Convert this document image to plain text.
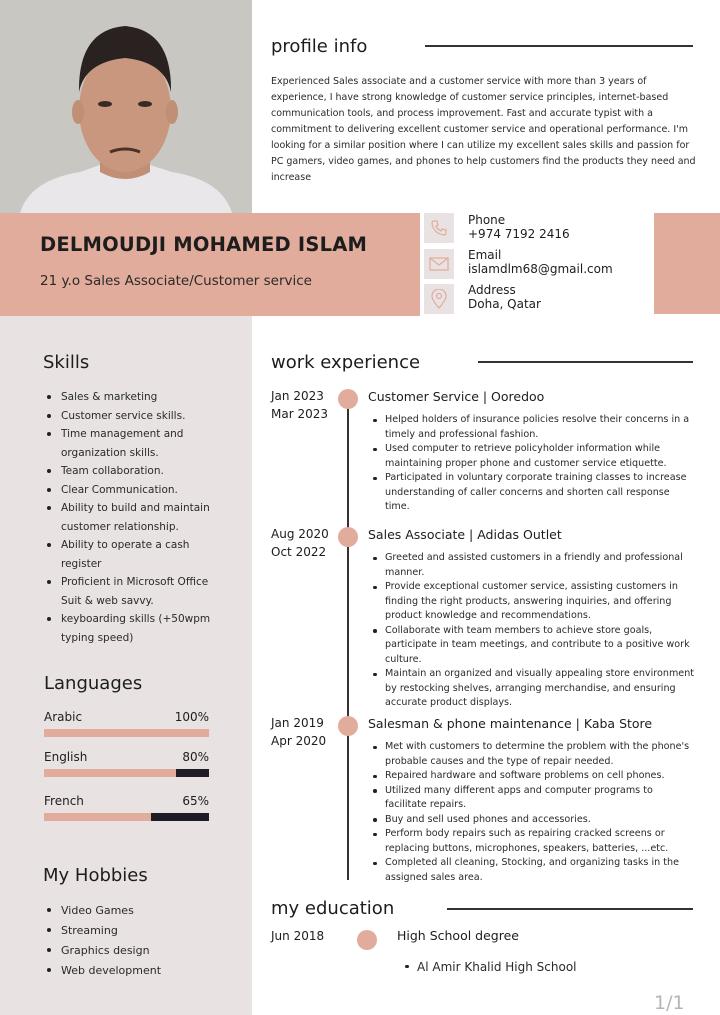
DELMOUDJI MOHAMED ISLAM
21 y.o Sales Associate/Customer service
Phone
+974 7192 2416
Email
islamdlm68@gmail.com
Address
Doha, Qatar
profile info
Experienced Sales associate and a customer service with more than 3 years of experience, I have strong knowledge of customer service principles, internet-based communication tools, and process improvement. Fast and accurate typist with a commitment to delivering excellent customer service and operational performance. I'm looking for a similar position where I can utilize my excellent sales skills and passion for PC gamers, video games, and phones to help customers find the products they need and increase
Skills
Sales & marketing
Customer service skills.
Time management and organization skills.
Team collaboration.
Clear Communication.
Ability to build and maintain customer relationship.
Ability to operate a cash register
Proficient in Microsoft Office Suit & web savvy.
keyboarding skills (+50wpm typing speed)
Languages
Arabic	100%
English	80%
French	65%
My Hobbies
Video Games
Streaming
Graphics design
Web development
work experience
Jan 2023
Mar 2023
Customer Service | Ooredoo
Helped holders of insurance policies resolve their concerns in a timely and professional fashion.
Used computer to retrieve policyholder information while maintaining proper phone and customer service etiquette.
Participated in voluntary corporate training classes to increase understanding of caller concerns and shorten call response time.
Aug 2020
Oct 2022
Sales Associate | Adidas Outlet
Greeted and assisted customers in a friendly and professional manner.
Provide exceptional customer service, assisting customers in finding the right products, answering inquiries, and offering product knowledge and recommendations.
Collaborate with team members to achieve store goals, participate in team meetings, and contribute to a positive work culture.
Maintain an organized and visually appealing store environment by restocking shelves, arranging merchandise, and ensuring accurate product displays.
Jan 2019
Apr 2020
Salesman & phone maintenance | Kaba Store
Met with customers to determine the problem with the phone's probable causes and the type of repair needed.
Repaired hardware and software problems on cell phones.
Utilized many different apps and computer programs to facilitate repairs.
Buy and sell used phones and accessories.
Perform body repairs such as repairing cracked screens or replacing buttons, microphones, speakers, batteries, ...etc.
Completed all cleaning, Stocking, and organizing tasks in the assigned sales area.
my education
Jun 2018	High School degree
Al Amir Khalid High School
1/1
